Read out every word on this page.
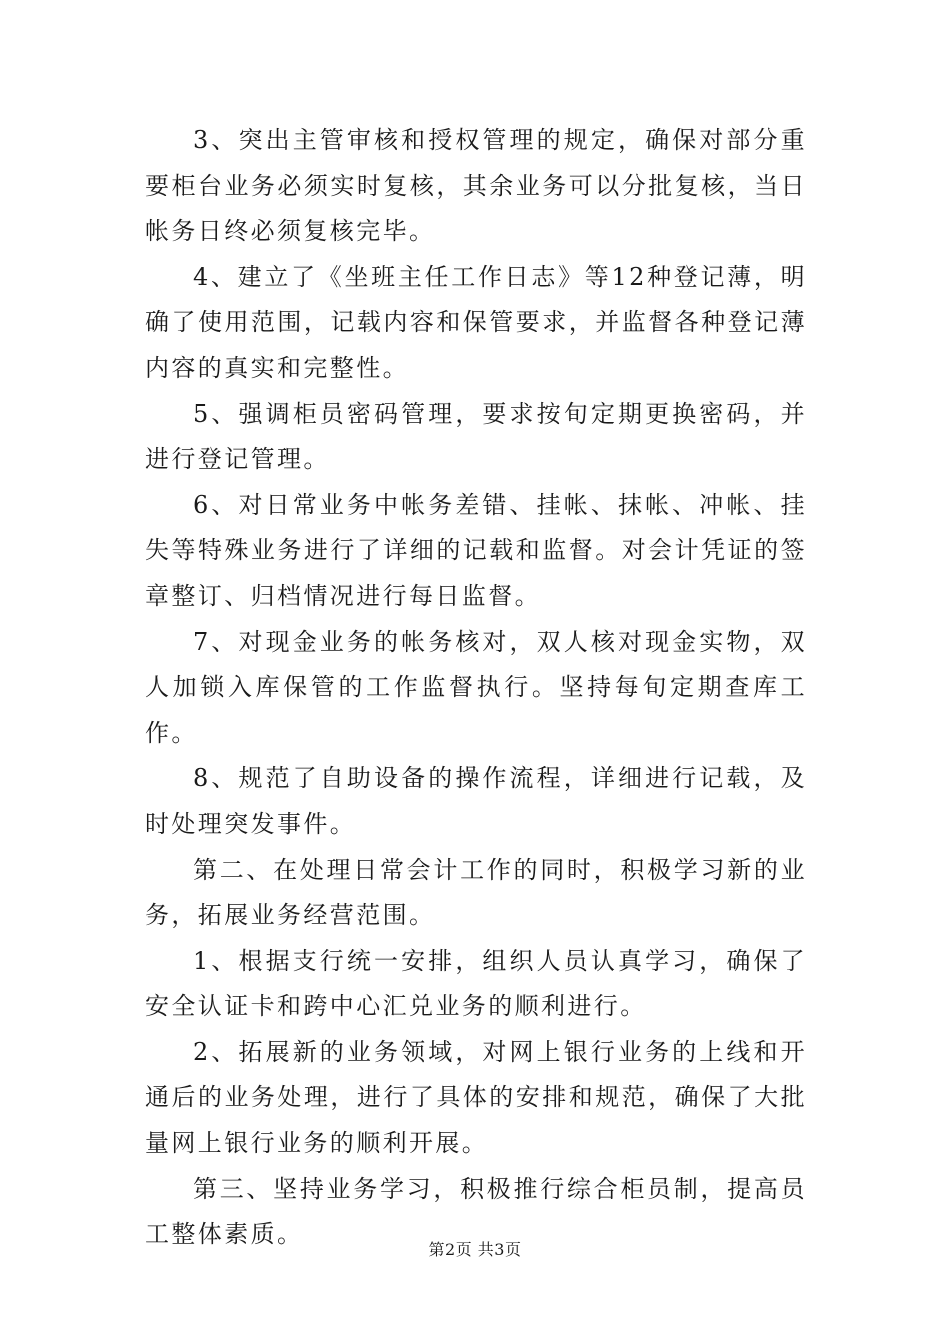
3、突出主管审核和授权管理的规定，确保对部分重要柜台业务必须实时复核，其余业务可以分批复核，当日帐务日终必须复核完毕。

4、建立了《坐班主任工作日志》等12种登记薄，明确了使用范围，记载内容和保管要求，并监督各种登记薄内容的真实和完整性。

5、强调柜员密码管理，要求按旬定期更换密码，并进行登记管理。

6、对日常业务中帐务差错、挂帐、抹帐、冲帐、挂失等特殊业务进行了详细的记载和监督。对会计凭证的签章整订、归档情况进行每日监督。

7、对现金业务的帐务核对，双人核对现金实物，双人加锁入库保管的工作监督执行。坚持每旬定期查库工作。

8、规范了自助设备的操作流程，详细进行记载，及时处理突发事件。

第二、在处理日常会计工作的同时，积极学习新的业务，拓展业务经营范围。

1、根据支行统一安排，组织人员认真学习，确保了安全认证卡和跨中心汇兑业务的顺利进行。

2、拓展新的业务领域，对网上银行业务的上线和开通后的业务处理，进行了具体的安排和规范，确保了大批量网上银行业务的顺利开展。

第三、坚持业务学习，积极推行综合柜员制，提高员工整体素质。

第2页 共3页
